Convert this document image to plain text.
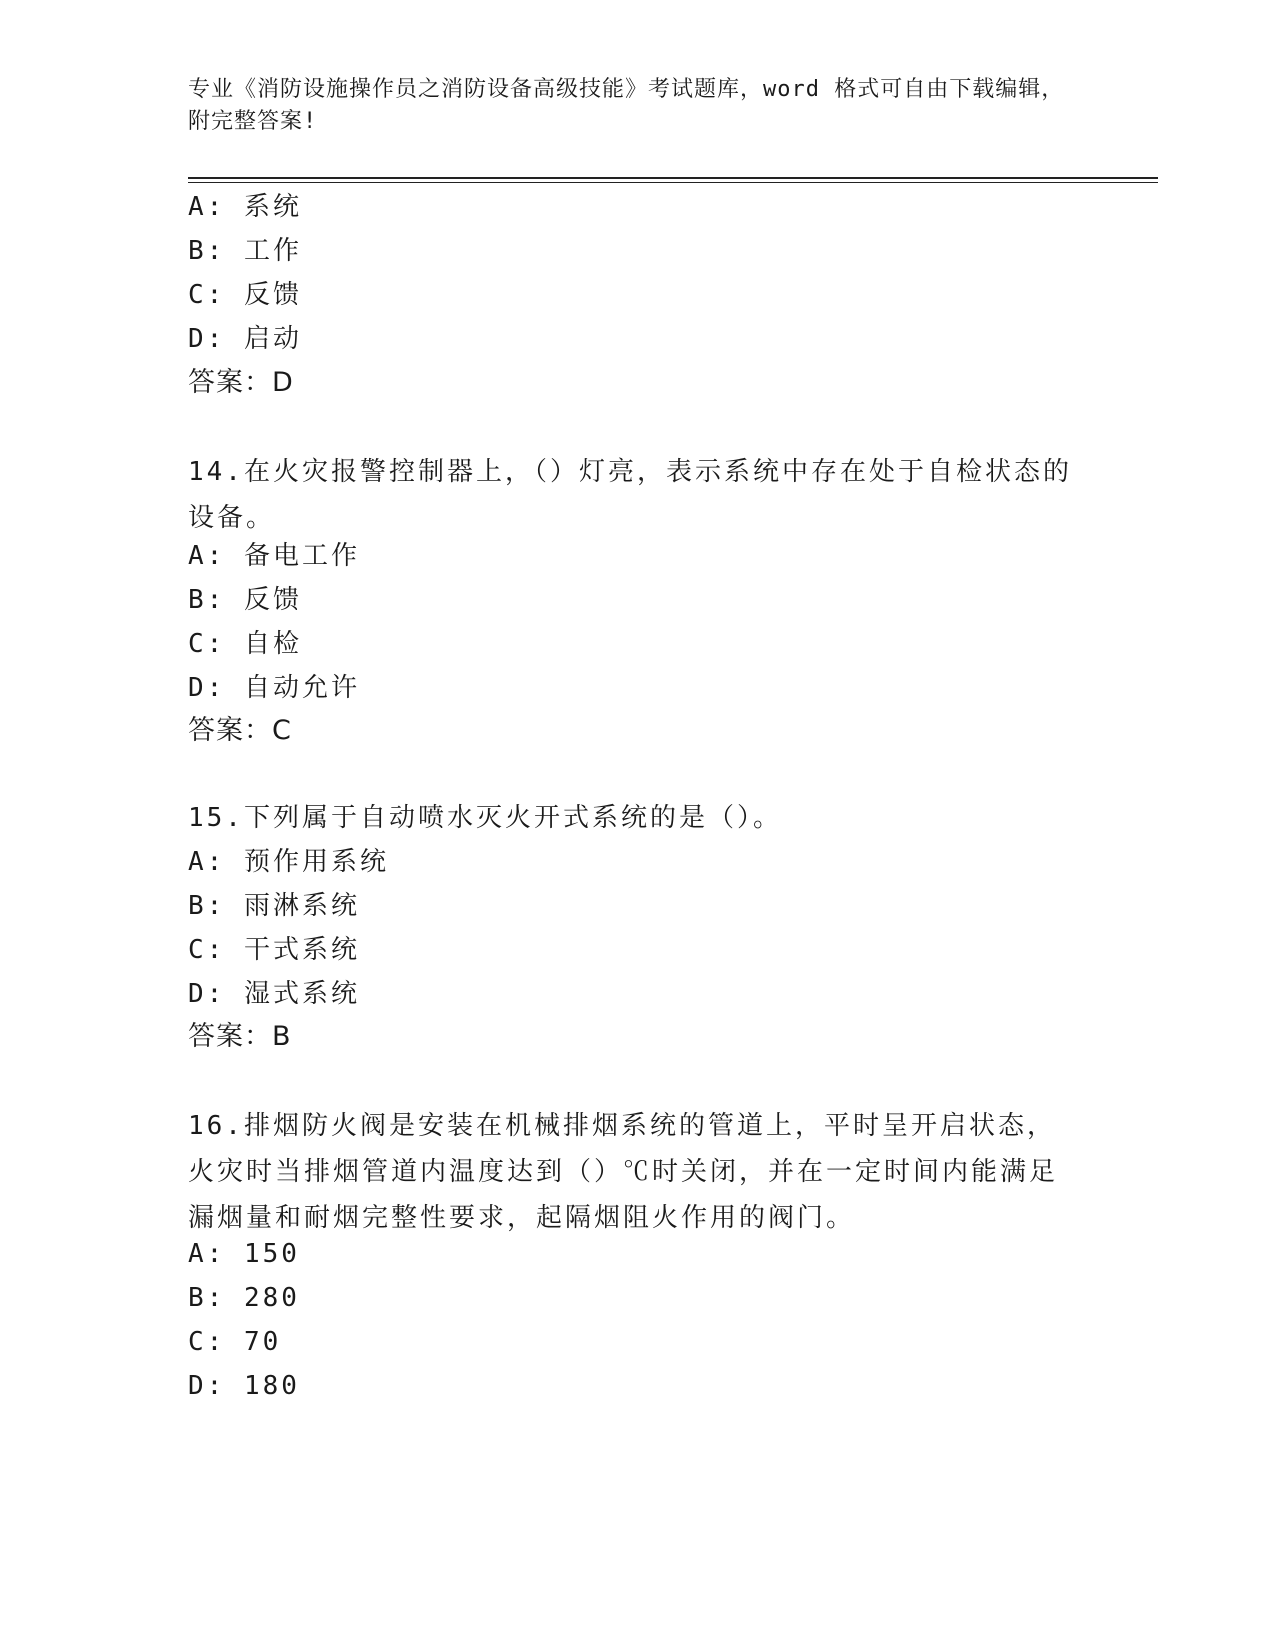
专业《消防设施操作员之消防设备高级技能》考试题库，word 格式可自由下载编辑，附完整答案!
A: 系统
B: 工作
C: 反馈
D: 启动
答案：D
14.在火灾报警控制器上，（）灯亮，表示系统中存在处于自检状态的设备。
A: 备电工作
B: 反馈
C: 自检
D: 自动允许
答案：C
15.下列属于自动喷水灭火开式系统的是（）。
A: 预作用系统
B: 雨淋系统
C: 干式系统
D: 湿式系统
答案：B
16.排烟防火阀是安装在机械排烟系统的管道上，平时呈开启状态，火灾时当排烟管道内温度达到（）℃时关闭，并在一定时间内能满足漏烟量和耐烟完整性要求，起隔烟阻火作用的阀门。
A: 150
B: 280
C: 70
D: 180
